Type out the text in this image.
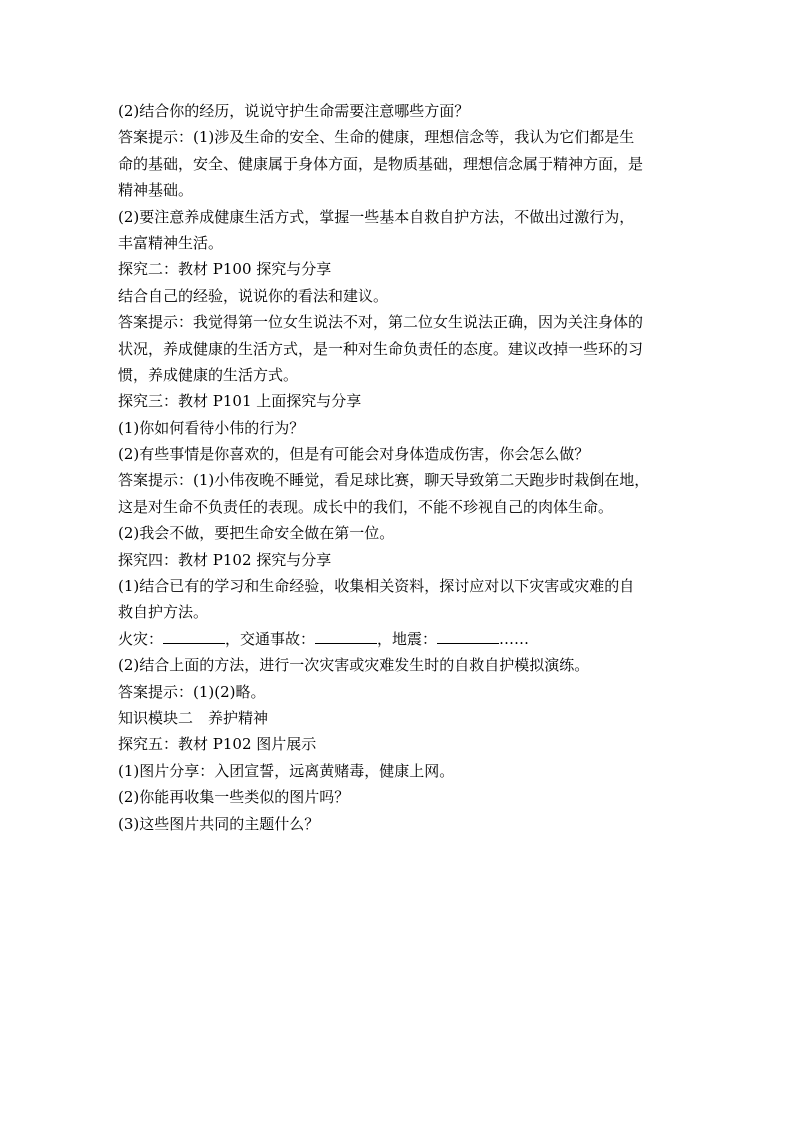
(2)结合你的经历，说说守护生命需要注意哪些方面？
答案提示：(1)涉及生命的安全、生命的健康，理想信念等，我认为它们都是生
命的基础，安全、健康属于身体方面，是物质基础，理想信念属于精神方面，是
精神基础。
(2)要注意养成健康生活方式，掌握一些基本自救自护方法，不做出过激行为，
丰富精神生活。
探究二：教材 P100 探究与分享
结合自己的经验，说说你的看法和建议。
答案提示：我觉得第一位女生说法不对，第二位女生说法正确，因为关注身体的
状况，养成健康的生活方式，是一种对生命负责任的态度。建议改掉一些环的习
惯，养成健康的生活方式。
探究三：教材 P101 上面探究与分享
(1)你如何看待小伟的行为？
(2)有些事情是你喜欢的，但是有可能会对身体造成伤害，你会怎么做？
答案提示：(1)小伟夜晚不睡觉，看足球比赛，聊天导致第二天跑步时栽倒在地，
这是对生命不负责任的表现。成长中的我们，不能不珍视自己的肉体生命。
(2)我会不做，要把生命安全做在第一位。
探究四：教材 P102 探究与分享
(1)结合已有的学习和生命经验，收集相关资料，探讨应对以下灾害或灾难的自
救自护方法。
火灾：	，交通事故：	，地震：	……
(2)结合上面的方法，进行一次灾害或灾难发生时的自救自护模拟演练。
答案提示：(1)(2)略。
知识模块二　养护精神
探究五：教材 P102 图片展示
(1)图片分享：入团宣誓，远离黄赌毒，健康上网。
(2)你能再收集一些类似的图片吗？
(3)这些图片共同的主题什么？
